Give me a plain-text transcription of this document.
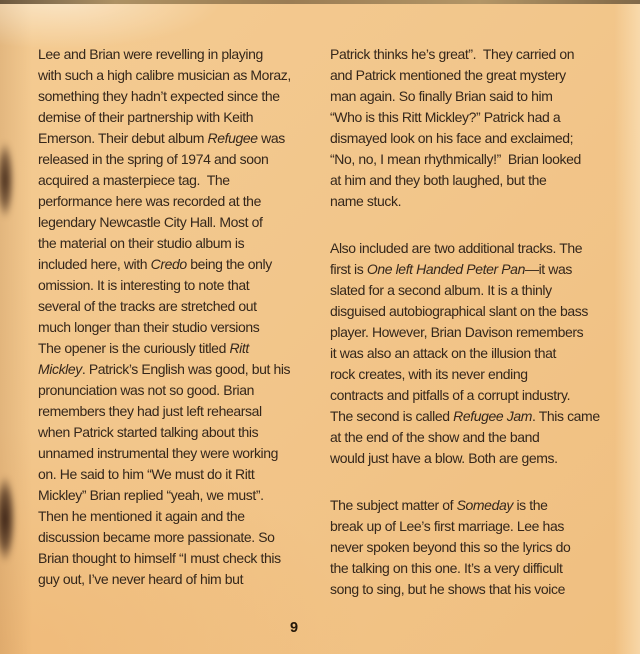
Lee and Brian were revelling in playing
with such a high calibre musician as Moraz,
something they hadn’t expected since the
demise of their partnership with Keith
Emerson. Their debut album Refugee was
released in the spring of 1974 and soon
acquired a masterpiece tag.  The
performance here was recorded at the
legendary Newcastle City Hall. Most of
the material on their studio album is
included here, with Credo being the only
omission. It is interesting to note that
several of the tracks are stretched out
much longer than their studio versions
The opener is the curiously titled Ritt
Mickley. Patrick’s English was good, but his
pronunciation was not so good. Brian
remembers they had just left rehearsal
when Patrick started talking about this
unnamed instrumental they were working
on. He said to him “We must do it Ritt
Mickley” Brian replied “yeah, we must”.
Then he mentioned it again and the
discussion became more passionate. So
Brian thought to himself “I must check this
guy out, I’ve never heard of him but
Patrick thinks he’s great”.  They carried on
and Patrick mentioned the great mystery
man again. So finally Brian said to him
“Who is this Ritt Mickley?” Patrick had a
dismayed look on his face and exclaimed;
“No, no, I mean rhythmically!”  Brian looked
at him and they both laughed, but the
name stuck.
Also included are two additional tracks. The
first is One left Handed Peter Pan—it was
slated for a second album. It is a thinly
disguised autobiographical slant on the bass
player. However, Brian Davison remembers
it was also an attack on the illusion that
rock creates, with its never ending
contracts and pitfalls of a corrupt industry.
The second is called Refugee Jam. This came
at the end of the show and the band
would just have a blow. Both are gems.
The subject matter of Someday is the
break up of Lee’s first marriage. Lee has
never spoken beyond this so the lyrics do
the talking on this one. It’s a very difficult
song to sing, but he shows that his voice
9
